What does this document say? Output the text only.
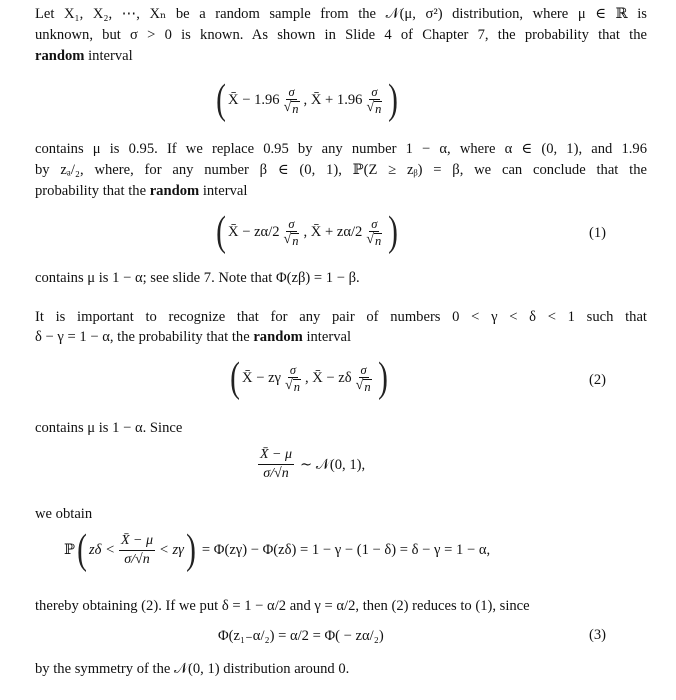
Let X₁, X₂, ⋯, Xₙ be a random sample from the 𝒩(μ, σ²) distribution, where μ ∈ ℝ is
unknown, but σ > 0 is known. As shown in Slide 4 of Chapter 7, the probability that the
random interval
( X̄ − $1.96 \frac{\sigma}{√ n}$ , X̄ + $1.96 \frac{\sigma}{√ n}$ )
contains μ is 0.95. If we replace 0.95 by any number 1 − α, where α ∈ (0, 1), and 1.96
by zₐ/₂, where, for any number β ∈ (0, 1), ℙ(Z ≥ zᵦ) = β, we can conclude that the
probability that the random interval
( X̄ − $z\alpha/2 \frac{\sigma}{√ n}$ , X̄ + $z\alpha/2 \frac{\sigma}{√ n}$ )	(1)
contains μ is 1 − α; see slide 7. Note that Φ(zβ) = 1 − β.
It is important to recognize that for any pair of numbers 0 < γ < δ < 1 such that
δ − γ = 1 − α, the probability that the random interval
( X̄ − zγ $\frac{\sigma}{√ n}$ , X̄ − zδ $\frac{\sigma}{√ n}$ )	(2)
contains μ is 1 − α. Since
$\frac{X̄ - \mu}{\sigma/√n}$ ∼ 𝒩(0, 1),
we obtain
ℙ ( $z\delta < \frac{X̄ - \mu}{\sigma/√n} < z\gamma$ ) = Φ(zγ) − Φ(zδ) = 1 − γ − (1 − δ) = δ − γ = 1 − α,
thereby obtaining (2). If we put δ = 1 − α/2 and γ = α/2, then (2) reduces to (1), since
Φ(z₁₋α/₂) = α/2 = Φ( − zα/₂)	(3)
by the symmetry of the 𝒩(0, 1) distribution around 0.
